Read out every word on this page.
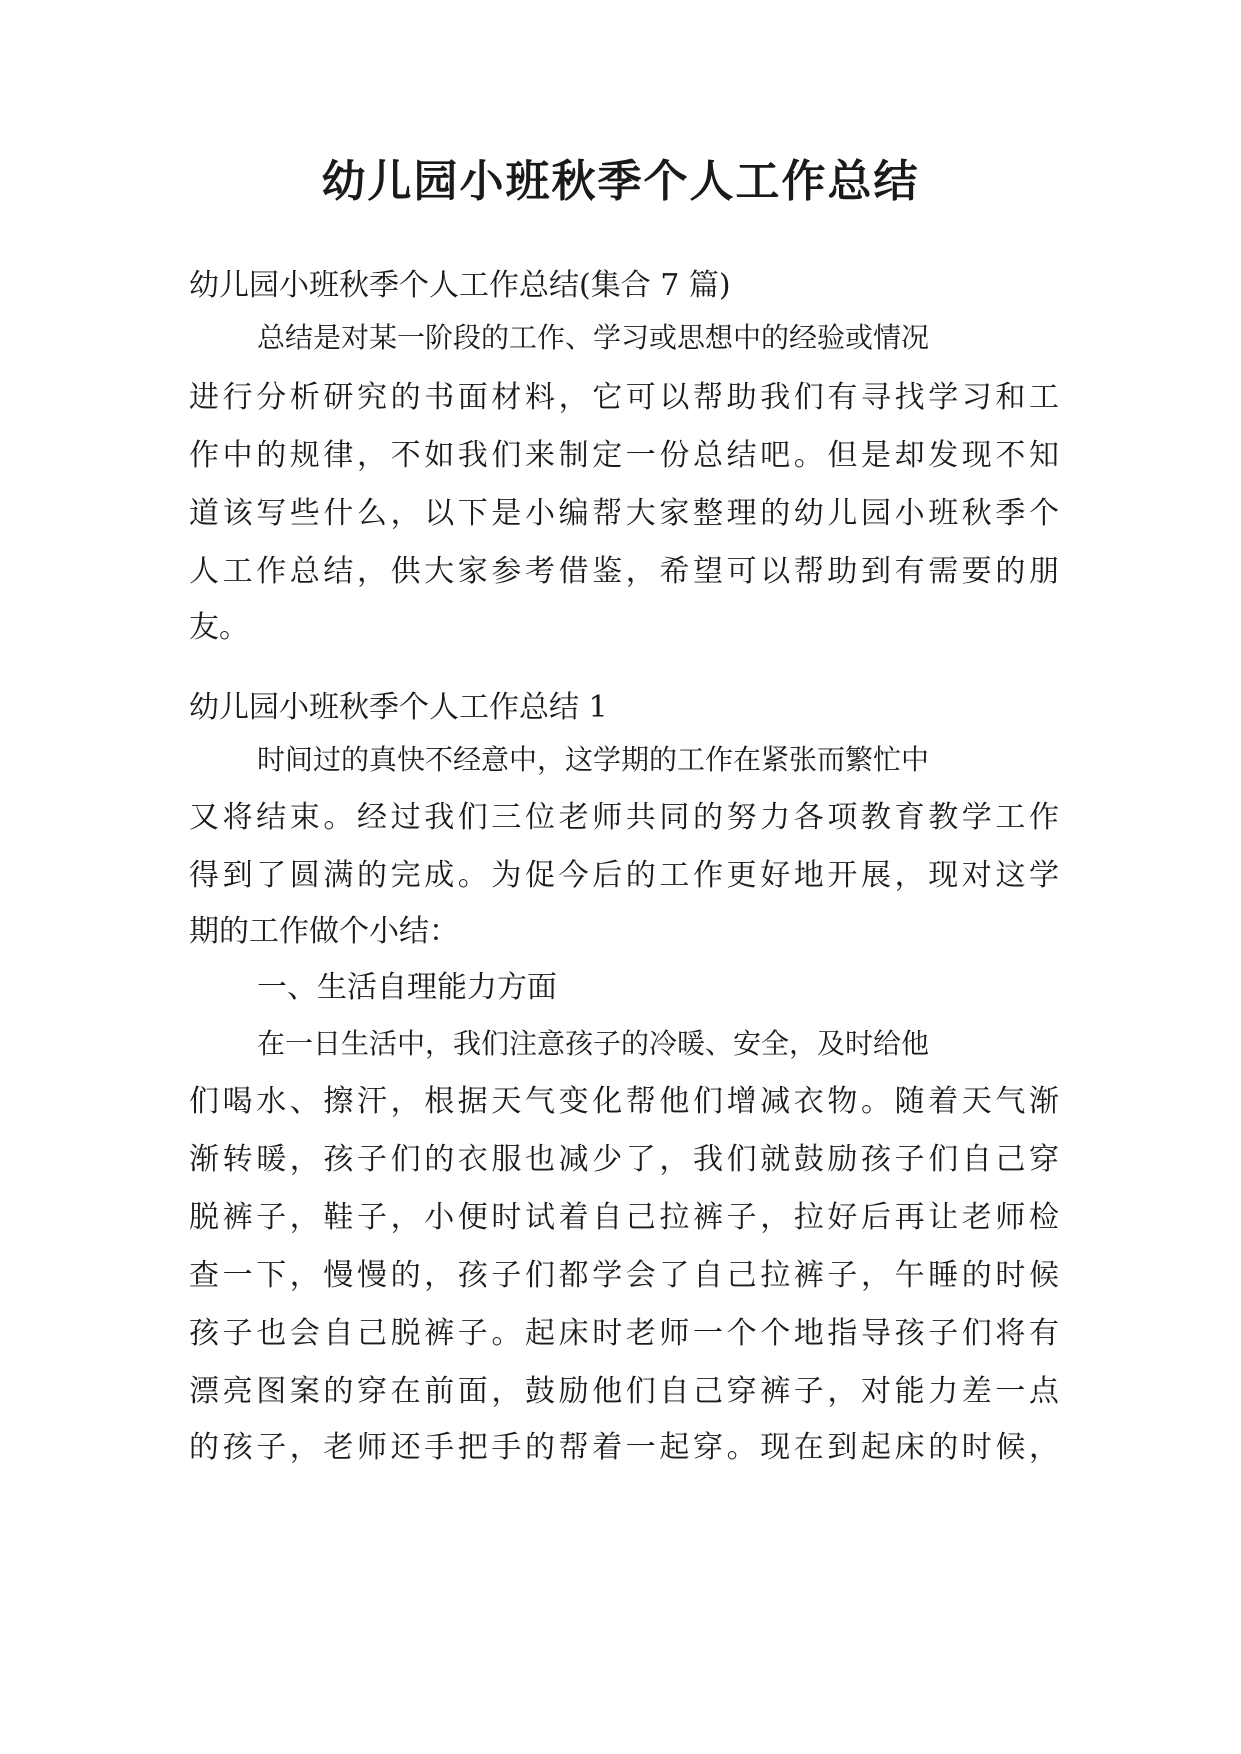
幼儿园小班秋季个人工作总结

幼儿园小班秋季个人工作总结(集合 7 篇)

总结是对某一阶段的工作、学习或思想中的经验或情况

进行分析研究的书面材料，它可以帮助我们有寻找学习和工

作中的规律，不如我们来制定一份总结吧。但是却发现不知

道该写些什么，以下是小编帮大家整理的幼儿园小班秋季个

人工作总结，供大家参考借鉴，希望可以帮助到有需要的朋

友。

幼儿园小班秋季个人工作总结 1

时间过的真快不经意中，这学期的工作在紧张而繁忙中

又将结束。经过我们三位老师共同的努力各项教育教学工作

得到了圆满的完成。为促今后的工作更好地开展，现对这学

期的工作做个小结：

一、生活自理能力方面

在一日生活中，我们注意孩子的冷暖、安全，及时给他

们喝水、擦汗，根据天气变化帮他们增减衣物。随着天气渐

渐转暖，孩子们的衣服也减少了，我们就鼓励孩子们自己穿

脱裤子，鞋子，小便时试着自己拉裤子，拉好后再让老师检

查一下，慢慢的，孩子们都学会了自己拉裤子，午睡的时候

孩子也会自己脱裤子。起床时老师一个个地指导孩子们将有

漂亮图案的穿在前面，鼓励他们自己穿裤子，对能力差一点

的孩子，老师还手把手的帮着一起穿。现在到起床的时候，
